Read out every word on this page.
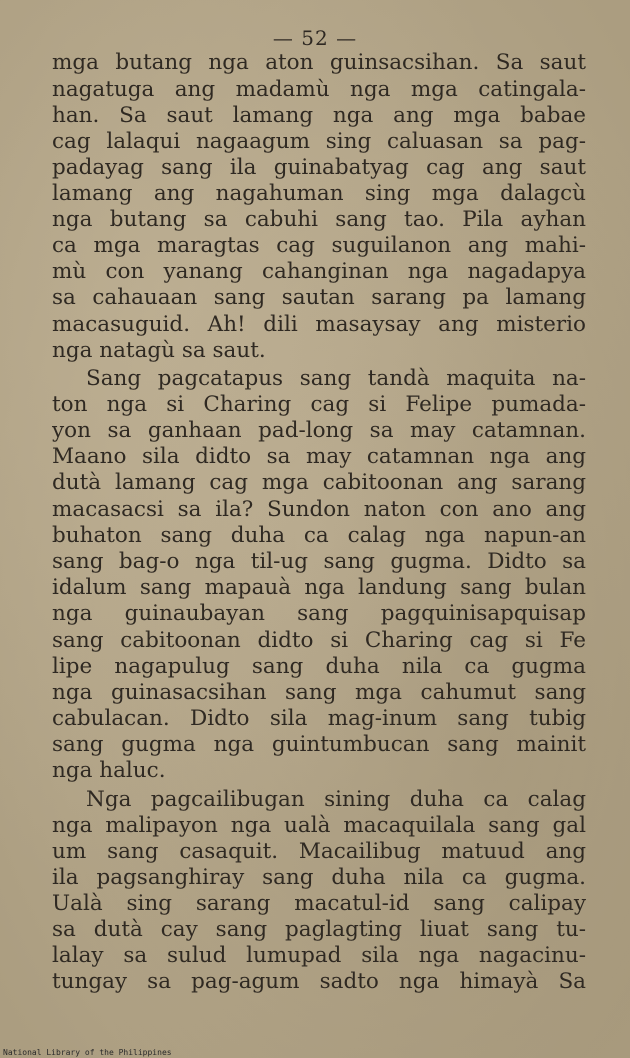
— 52 —
mga butang nga aton guinsacsihan. Sa saut
nagatuga ang madamù nga mga catingala-
han. Sa saut lamang nga ang mga babae
cag lalaqui nagaagum sing caluasan sa pag-
padayag sang ila guinabatyag cag ang saut
lamang ang nagahuman sing mga dalagcù
nga butang sa cabuhi sang tao. Pila ayhan
ca mga maragtas cag suguilanon ang mahi-
mù con yanang cahanginan nga nagadapya
sa cahauaan sang sautan sarang pa lamang
macasuguid. Ah! dili masaysay ang misterio
nga natagù sa saut.
Sang pagcatapus sang tandà maquita na-
ton nga si Charing cag si Felipe pumada-
yon sa ganhaan pad-long sa may catamnan.
Maano sila didto sa may catamnan nga ang
dutà lamang cag mga cabitoonan ang sarang
macasacsi sa ila? Sundon naton con ano ang
buhaton sang duha ca calag nga napun-an
sang bag-o nga til-ug sang gugma. Didto sa
idalum sang mapauà nga landung sang bulan
nga guinaubayan sang pagquinisapquisap
sang cabitoonan didto si Charing cag si Fe
lipe nagapulug sang duha nila ca gugma
nga guinasacsihan sang mga cahumut sang
cabulacan. Didto sila mag-inum sang tubig
sang gugma nga guintumbucan sang mainit
nga haluc.
Nga pagcailibugan sining duha ca calag
nga malipayon nga ualà macaquilala sang gal
um sang casaquit. Macailibug matuud ang
ila pagsanghiray sang duha nila ca gugma.
Ualà sing sarang macatul-id sang calipay
sa dutà cay sang paglagting liuat sang tu-
lalay sa sulud lumupad sila nga nagacinu-
tungay sa pag-agum sadto nga himayà Sa
National Library of the Philippines
